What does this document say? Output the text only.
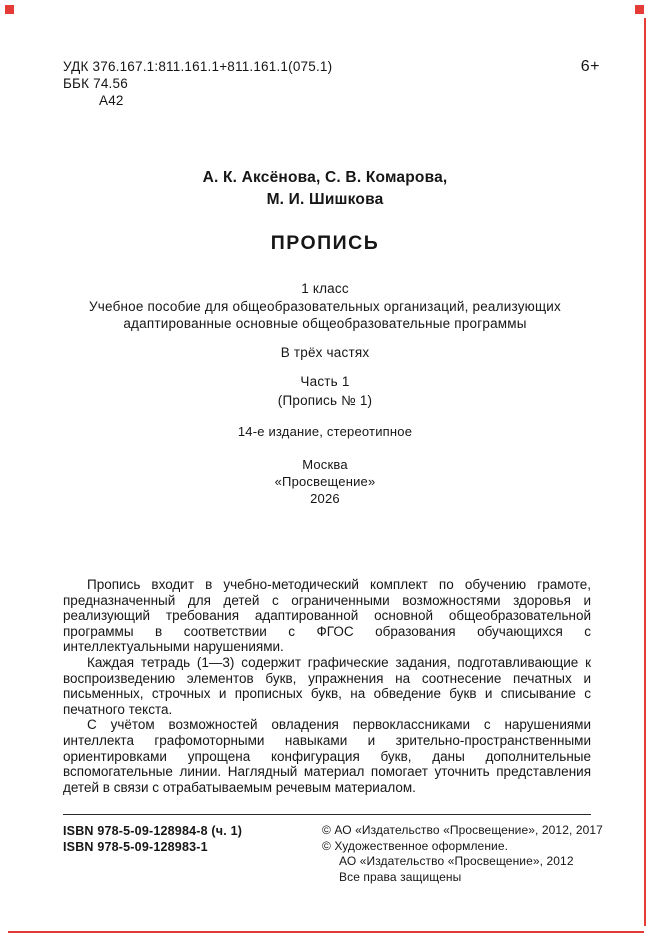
УДК 376.167.1:811.161.1+811.161.1(075.1)
ББК 74.56
А42
6+
А. К. Аксёнова, С. В. Комарова,
М. И. Шишкова
ПРОПИСЬ
1 класс
Учебное пособие для общеобразовательных организаций, реализующих
адаптированные основные общеобразовательные программы
В трёх частях
Часть 1
(Пропись № 1)
14-е издание, стереотипное
Москва
«Просвещение»
2026

Пропись входит в учебно-методический комплект по обучению грамоте, предназначенный для детей с ограниченными возможностями здоровья и реализующий требования адаптированной основной общеобразовательной программы в соответствии с ФГОС образования обучающихся с интеллектуальными нарушениями.

Каждая тетрадь (1—3) содержит графические задания, подготавливающие к воспроизведению элементов букв, упражнения на соотнесение печатных и письменных, строчных и прописных букв, на обведение букв и списывание с печатного текста.

С учётом возможностей овладения первоклассниками с нарушениями интеллекта графомоторными навыками и зрительно-пространственными ориентировками упрощена конфигурация букв, даны дополнительные вспомогательные линии. Наглядный материал помогает уточнить представления детей в связи с отрабатываемым речевым материалом.

ISBN 978-5-09-128984-8 (ч. 1)
ISBN 978-5-09-128983-1
© АО «Издательство «Просвещение», 2012, 2017
© Художественное оформление.
АО «Издательство «Просвещение», 2012
Все права защищены
